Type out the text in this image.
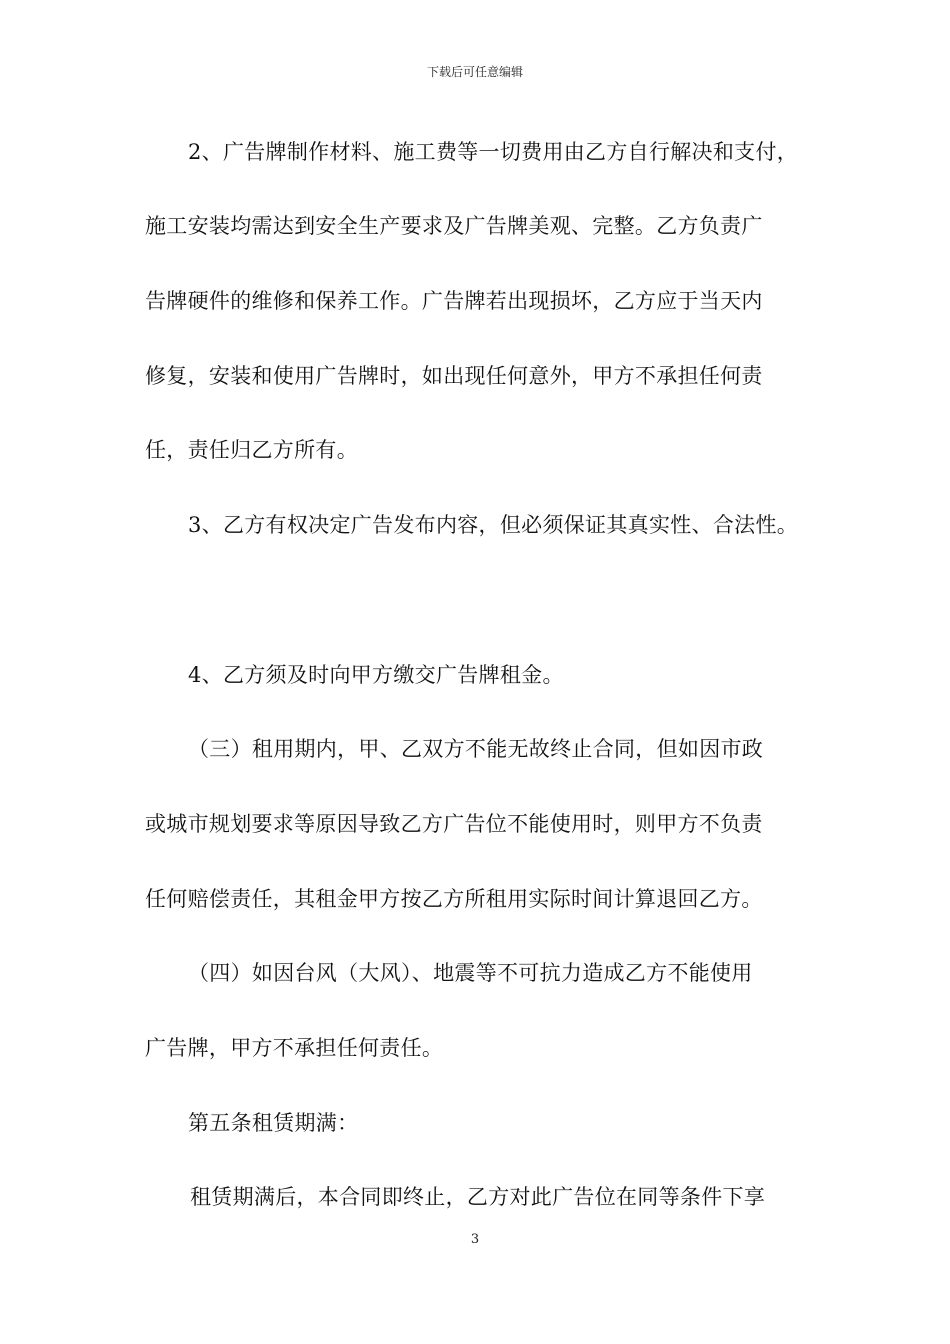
下载后可任意编辑
2、广告牌制作材料、施工费等一切费用由乙方自行解决和支付，
施工安装均需达到安全生产要求及广告牌美观、完整。乙方负责广
告牌硬件的维修和保养工作。广告牌若出现损坏，乙方应于当天内
修复，安装和使用广告牌时，如出现任何意外，甲方不承担任何责
任，责任归乙方所有。
3、乙方有权决定广告发布内容，但必须保证其真实性、合法性。
4、乙方须及时向甲方缴交广告牌租金。
（三）租用期内，甲、乙双方不能无故终止合同，但如因市政
或城市规划要求等原因导致乙方广告位不能使用时，则甲方不负责
任何赔偿责任，其租金甲方按乙方所租用实际时间计算退回乙方。
（四）如因台风（大风）、地震等不可抗力造成乙方不能使用
广告牌，甲方不承担任何责任。
第五条租赁期满：
租赁期满后，本合同即终止，乙方对此广告位在同等条件下享
3
